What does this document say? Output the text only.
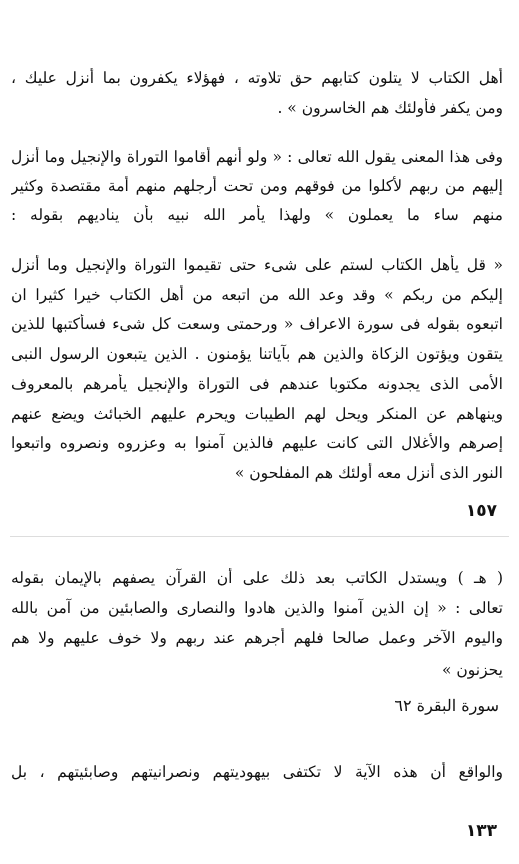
أهل الكتاب لا يتلون كتابهم حق تلاوته ، فهؤلاء يكفرون بما أنزل عليك ،
ومن يكفر فأولئك هم الخاسرون » .
وفى هذا المعنى يقول الله تعالى : « ولو أنهم أقاموا التوراة والإنجيل وما أنزل
إليهم من ربهم لأكلوا من فوقهم ومن تحت أرجلهم منهم أمة مقتصدة وكثير
منهم ساء ما يعملون » ولهذا يأمر الله نبيه بأن يناديهم بقوله :
« قل يأهل الكتاب لستم على شىء حتى تقيموا التوراة والإنجيل وما أنزل
إليكم من ربكم » وقد وعد الله من اتبعه من أهل الكتاب خيرا كثيرا ان
اتبعوه بقوله فى سورة الاعراف « ورحمتى وسعت كل شىء فسأكتبها للذين
يتقون ويؤتون الزكاة والذين هم بآياتنا يؤمنون . الذين يتبعون الرسول النبى
الأمى الذى يجدونه مكتوبا عندهم فى التوراة والإنجيل يأمرهم بالمعروف
وينهاهم عن المنكر ويحل لهم الطيبات ويحرم عليهم الخبائث ويضع عنهم
إصرهم والأغلال التى كانت عليهم فالذين آمنوا به وعزروه ونصروه واتبعوا
النور الذى أنزل معه أولئك هم المفلحون »
١٥٧
( هـ ) ويستدل الكاتب بعد ذلك على أن القرآن يصفهم بالإيمان بقوله
تعالى : « إن الذين آمنوا والذين هادوا والنصارى والصابئين من آمن بالله
واليوم الآخر وعمل صالحا فلهم أجرهم عند ربهم ولا خوف عليهم ولا هم
يحزنون »
سورة البقرة ٦٢
والواقع أن هذه الآية لا تكتفى بيهوديتهم ونصرانيتهم وصابئيتهم ، بل
١٣٣
